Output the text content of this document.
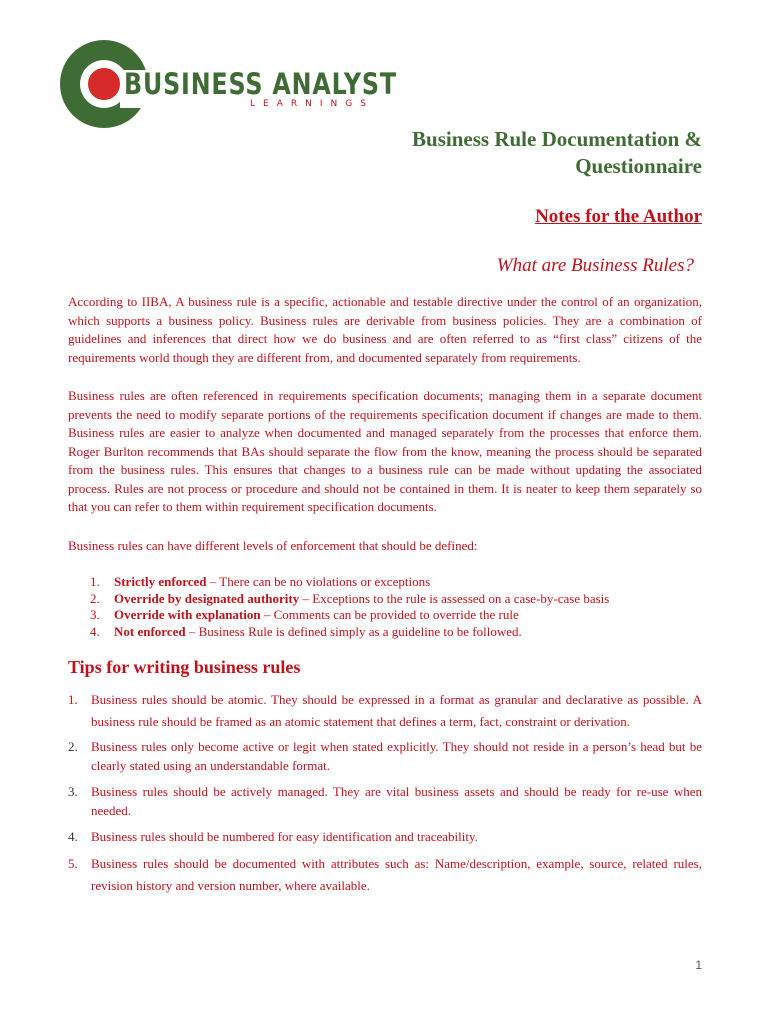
BUSINESS ANALYST
LEARNINGS
Business Rule Documentation &
Questionnaire
Notes for the Author
What are Business Rules?
According to IIBA, A business rule is a specific, actionable and testable directive under the control of an organization, which supports a business policy. Business rules are derivable from business policies. They are a combination of guidelines and inferences that direct how we do business and are often referred to as “first class” citizens of the requirements world though they are different from, and documented separately from requirements.
Business rules are often referenced in requirements specification documents; managing them in a separate document prevents the need to modify separate portions of the requirements specification document if changes are made to them. Business rules are easier to analyze when documented and managed separately from the processes that enforce them. Roger Burlton recommends that BAs should separate the flow from the know, meaning the process should be separated from the business rules. This ensures that changes to a business rule can be made without updating the associated process. Rules are not process or procedure and should not be contained in them. It is neater to keep them separately so that you can refer to them within requirement specification documents.
Business rules can have different levels of enforcement that should be defined:
1. Strictly enforced – There can be no violations or exceptions
2. Override by designated authority – Exceptions to the rule is assessed on a case-by-case basis
3. Override with explanation – Comments can be provided to override the rule
4. Not enforced – Business Rule is defined simply as a guideline to be followed.
Tips for writing business rules
1. Business rules should be atomic. They should be expressed in a format as granular and declarative as possible. A business rule should be framed as an atomic statement that defines a term, fact, constraint or derivation.
2. Business rules only become active or legit when stated explicitly. They should not reside in a person’s head but be clearly stated using an understandable format.
3. Business rules should be actively managed. They are vital business assets and should be ready for re-use when needed.
4. Business rules should be numbered for easy identification and traceability.
5. Business rules should be documented with attributes such as: Name/description, example, source, related rules, revision history and version number, where available.
1
